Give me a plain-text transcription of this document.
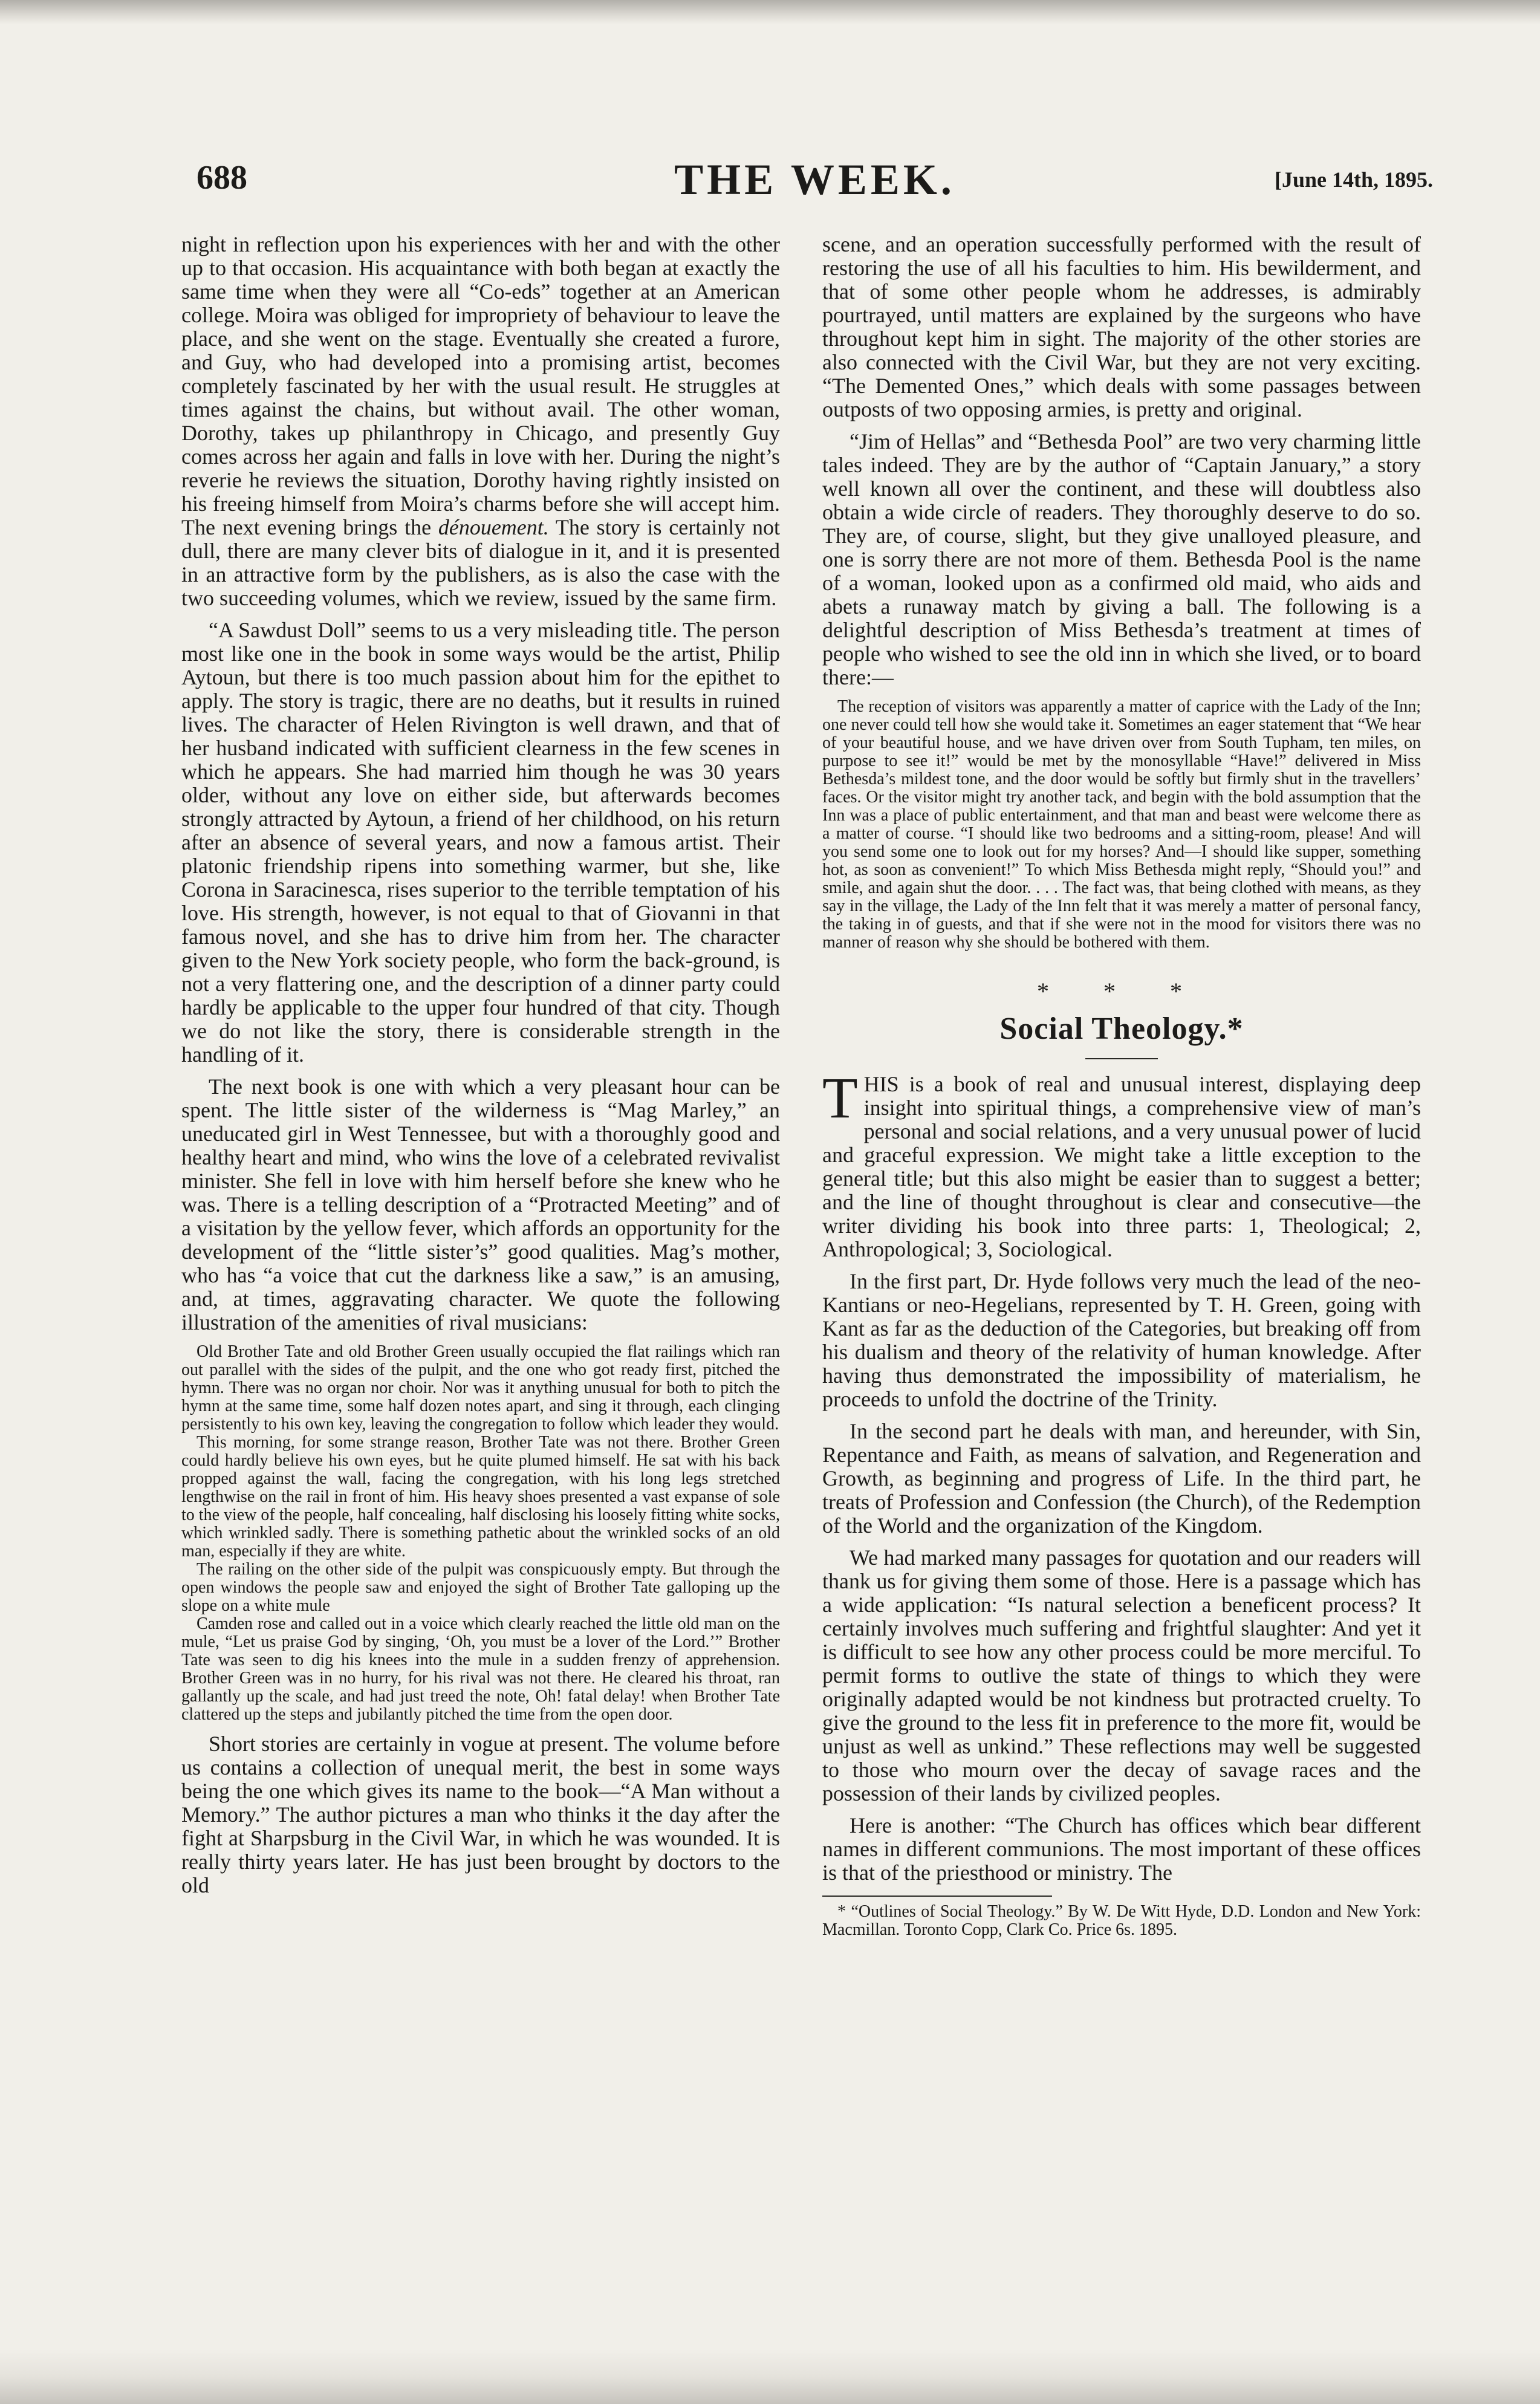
688	THE WEEK.	[June 14th, 1895.

night in reflection upon his experiences with her and with the other up to that occasion. His acquaintance with both began at exactly the same time when they were all “Co-eds” together at an American college. Moira was obliged for impropriety of behaviour to leave the place, and she went on the stage. Eventually she created a furore, and Guy, who had developed into a promising artist, becomes completely fascinated by her with the usual result. He struggles at times against the chains, but without avail. The other woman, Dorothy, takes up philanthropy in Chicago, and presently Guy comes across her again and falls in love with her. During the night’s reverie he reviews the situation, Dorothy having rightly insisted on his freeing himself from Moira’s charms before she will accept him. The next evening brings the dénouement. The story is certainly not dull, there are many clever bits of dialogue in it, and it is presented in an attractive form by the publishers, as is also the case with the two succeeding volumes, which we review, issued by the same firm.

“A Sawdust Doll” seems to us a very misleading title. The person most like one in the book in some ways would be the artist, Philip Aytoun, but there is too much passion about him for the epithet to apply. The story is tragic, there are no deaths, but it results in ruined lives. The character of Helen Rivington is well drawn, and that of her husband indicated with sufficient clearness in the few scenes in which he appears. She had married him though he was 30 years older, without any love on either side, but afterwards becomes strongly attracted by Aytoun, a friend of her childhood, on his return after an absence of several years, and now a famous artist. Their platonic friendship ripens into something warmer, but she, like Corona in Saracinesca, rises superior to the terrible temptation of his love. His strength, however, is not equal to that of Giovanni in that famous novel, and she has to drive him from her. The character given to the New York society people, who form the back-ground, is not a very flattering one, and the description of a dinner party could hardly be applicable to the upper four hundred of that city. Though we do not like the story, there is considerable strength in the handling of it.

The next book is one with which a very pleasant hour can be spent. The little sister of the wilderness is “Mag Marley,” an uneducated girl in West Tennessee, but with a thoroughly good and healthy heart and mind, who wins the love of a celebrated revivalist minister. She fell in love with him herself before she knew who he was. There is a telling description of a “Protracted Meeting” and of a visitation by the yellow fever, which affords an opportunity for the development of the “little sister’s” good qualities. Mag’s mother, who has “a voice that cut the darkness like a saw,” is an amusing, and, at times, aggravating character. We quote the following illustration of the amenities of rival musicians:

Old Brother Tate and old Brother Green usually occupied the flat railings which ran out parallel with the sides of the pulpit, and the one who got ready first, pitched the hymn. There was no organ nor choir. Nor was it anything unusual for both to pitch the hymn at the same time, some half dozen notes apart, and sing it through, each clinging persistently to his own key, leaving the congregation to follow which leader they would.

This morning, for some strange reason, Brother Tate was not there. Brother Green could hardly believe his own eyes, but he quite plumed himself. He sat with his back propped against the wall, facing the congregation, with his long legs stretched lengthwise on the rail in front of him. His heavy shoes presented a vast expanse of sole to the view of the people, half concealing, half disclosing his loosely fitting white socks, which wrinkled sadly. There is something pathetic about the wrinkled socks of an old man, especially if they are white.

The railing on the other side of the pulpit was conspicuously empty. But through the open windows the people saw and enjoyed the sight of Brother Tate galloping up the slope on a white mule

Camden rose and called out in a voice which clearly reached the little old man on the mule, “Let us praise God by singing, ‘Oh, you must be a lover of the Lord.’” Brother Tate was seen to dig his knees into the mule in a sudden frenzy of apprehension. Brother Green was in no hurry, for his rival was not there. He cleared his throat, ran gallantly up the scale, and had just treed the note, Oh! fatal delay! when Brother Tate clattered up the steps and jubilantly pitched the time from the open door.

Short stories are certainly in vogue at present. The volume before us contains a collection of unequal merit, the best in some ways being the one which gives its name to the book—“A Man without a Memory.” The author pictures a man who thinks it the day after the fight at Sharpsburg in the Civil War, in which he was wounded. It is really thirty years later. He has just been brought by doctors to the old

scene, and an operation successfully performed with the result of restoring the use of all his faculties to him. His bewilderment, and that of some other people whom he addresses, is admirably pourtrayed, until matters are explained by the surgeons who have throughout kept him in sight. The majority of the other stories are also connected with the Civil War, but they are not very exciting. “The Demented Ones,” which deals with some passages between outposts of two opposing armies, is pretty and original.

“Jim of Hellas” and “Bethesda Pool” are two very charming little tales indeed. They are by the author of “Captain January,” a story well known all over the continent, and these will doubtless also obtain a wide circle of readers. They thoroughly deserve to do so. They are, of course, slight, but they give unalloyed pleasure, and one is sorry there are not more of them. Bethesda Pool is the name of a woman, looked upon as a confirmed old maid, who aids and abets a runaway match by giving a ball. The following is a delightful description of Miss Bethesda’s treatment at times of people who wished to see the old inn in which she lived, or to board there:—

The reception of visitors was apparently a matter of caprice with the Lady of the Inn; one never could tell how she would take it. Sometimes an eager statement that “We hear of your beautiful house, and we have driven over from South Tupham, ten miles, on purpose to see it!” would be met by the monosyllable “Have!” delivered in Miss Bethesda’s mildest tone, and the door would be softly but firmly shut in the travellers’ faces. Or the visitor might try another tack, and begin with the bold assumption that the Inn was a place of public entertainment, and that man and beast were welcome there as a matter of course. “I should like two bedrooms and a sitting-room, please! And will you send some one to look out for my horses? And—I should like supper, something hot, as soon as convenient!” To which Miss Bethesda might reply, “Should you!” and smile, and again shut the door. . . . The fact was, that being clothed with means, as they say in the village, the Lady of the Inn felt that it was merely a matter of personal fancy, the taking in of guests, and that if she were not in the mood for visitors there was no manner of reason why she should be bothered with them.

* * *
Social Theology.*

THIS is a book of real and unusual interest, displaying deep insight into spiritual things, a comprehensive view of man’s personal and social relations, and a very unusual power of lucid and graceful expression. We might take a little exception to the general title; but this also might be easier than to suggest a better; and the line of thought throughout is clear and consecutive—the writer dividing his book into three parts: 1, Theological; 2, Anthropological; 3, Sociological.

In the first part, Dr. Hyde follows very much the lead of the neo-Kantians or neo-Hegelians, represented by T. H. Green, going with Kant as far as the deduction of the Categories, but breaking off from his dualism and theory of the relativity of human knowledge. After having thus demonstrated the impossibility of materialism, he proceeds to unfold the doctrine of the Trinity.

In the second part he deals with man, and hereunder, with Sin, Repentance and Faith, as means of salvation, and Regeneration and Growth, as beginning and progress of Life. In the third part, he treats of Profession and Confession (the Church), of the Redemption of the World and the organization of the Kingdom.

We had marked many passages for quotation and our readers will thank us for giving them some of those. Here is a passage which has a wide application: “Is natural selection a beneficent process? It certainly involves much suffering and frightful slaughter: And yet it is difficult to see how any other process could be more merciful. To permit forms to outlive the state of things to which they were originally adapted would be not kindness but protracted cruelty. To give the ground to the less fit in preference to the more fit, would be unjust as well as unkind.” These reflections may well be suggested to those who mourn over the decay of savage races and the possession of their lands by civilized peoples.

Here is another: “The Church has offices which bear different names in different communions. The most important of these offices is that of the priesthood or ministry. The

* “Outlines of Social Theology.” By W. De Witt Hyde, D.D. London and New York: Macmillan. Toronto Copp, Clark Co. Price 6s. 1895.
